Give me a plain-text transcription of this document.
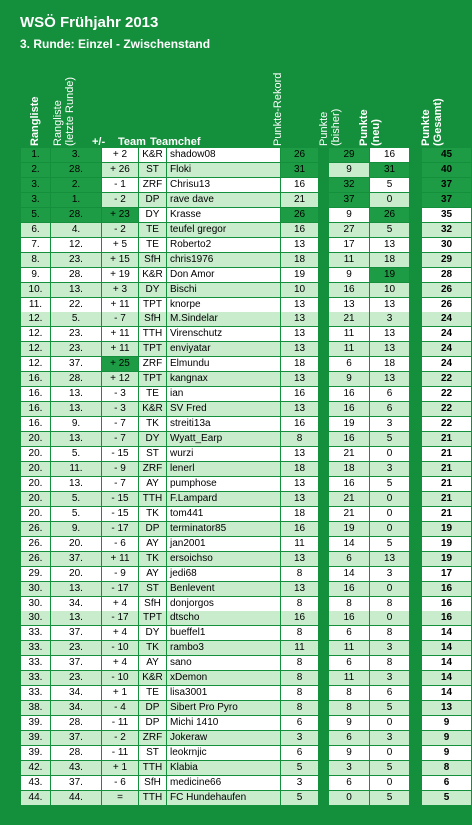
WSÖ Frühjahr 2013
3. Runde: Einzel - Zwischenstand
Rangliste Rangliste (letzte Runde) +/- Team Teamchef	Punkte-Rekord	Punkte (bisher) Punkte (neu)	Punkte (Gesamt)
1.	3.	+ 2	K&R shadow08	26	29	16	45
2.	28.	+ 26	ST	Floki	31	9	31	40
3.	2.	- 1	ZRF Chrisu13	16	32	5	37
3.	1.	- 2	DP	rave dave	21	37	0	37
5.	28.	+ 23	DY	Krasse	26	9	26	35
6.	4.	- 2	TE	teufel gregor	16	27	5	32
7.	12.	+ 5	TE	Roberto2	13	17	13	30
8.	23.	+ 15	SfH chris1976	18	11	18	29
9.	28.	+ 19	K&R Don Amor	19	9	19	28
10.	13.	+ 3	DY	Bischi	10	16	10	26
11.	22.	+ 11	TPT knorpe	13	13	13	26
12.	5.	- 7	SfH M.Sindelar	13	21	3	24
12.	23.	+ 11	TTH Virenschutz	13	11	13	24
12.	23.	+ 11	TPT enviyatar	13	11	13	24
12.	37.	+ 25	ZRF Elmundu	18	6	18	24
16.	28.	+ 12	TPT kangnax	13	9	13	22
16.	13.	- 3	TE	ian	16	16	6	22
16.	13.	- 3	K&R SV Fred	13	16	6	22
16.	9.	- 7	TK	streiti13a	16	19	3	22
20.	13.	- 7	DY	Wyatt_Earp	8	16	5	21
20.	5.	- 15	ST	wurzi	13	21	0	21
20.	11.	- 9	ZRF lenerl	18	18	3	21
20.	13.	- 7	AY	pumphose	13	16	5	21
20.	5.	- 15	TTH F.Lampard	13	21	0	21
20.	5.	- 15	TK	tom441	18	21	0	21
26.	9.	- 17	DP	terminator85	16	19	0	19
26.	20.	- 6	AY	jan2001	11	14	5	19
26.	37.	+ 11	TK	ersoichso	13	6	13	19
29.	20.	- 9	AY	jedi68	8	14	3	17
30.	13.	- 17	ST	Benlevent	13	16	0	16
30.	34.	+ 4	SfH donjorgos	8	8	8	16
30.	13.	- 17	TPT dtscho	16	16	0	16
33.	37.	+ 4	DY	bueffel1	8	6	8	14
33.	23.	- 10	TK	rambo3	11	11	3	14
33.	37.	+ 4	AY	sano	8	6	8	14
33.	23.	- 10	K&R xDemon	8	11	3	14
33.	34.	+ 1	TE	lisa3001	8	8	6	14
38.	34.	- 4	DP	Sibert Pro Pyro	8	8	5	13
39.	28.	- 11	DP	Michi 1410	6	9	0	9
39.	37.	- 2	ZRF Jokeraw	3	6	3	9
39.	28.	- 11	ST	leokrnjic	6	9	0	9
42.	43.	+ 1	TTH Klabia	5	3	5	8
43.	37.	- 6	SfH medicine66	3	6	0	6
44.	44.	=	TTH FC Hundehaufen	5	0	5	5
